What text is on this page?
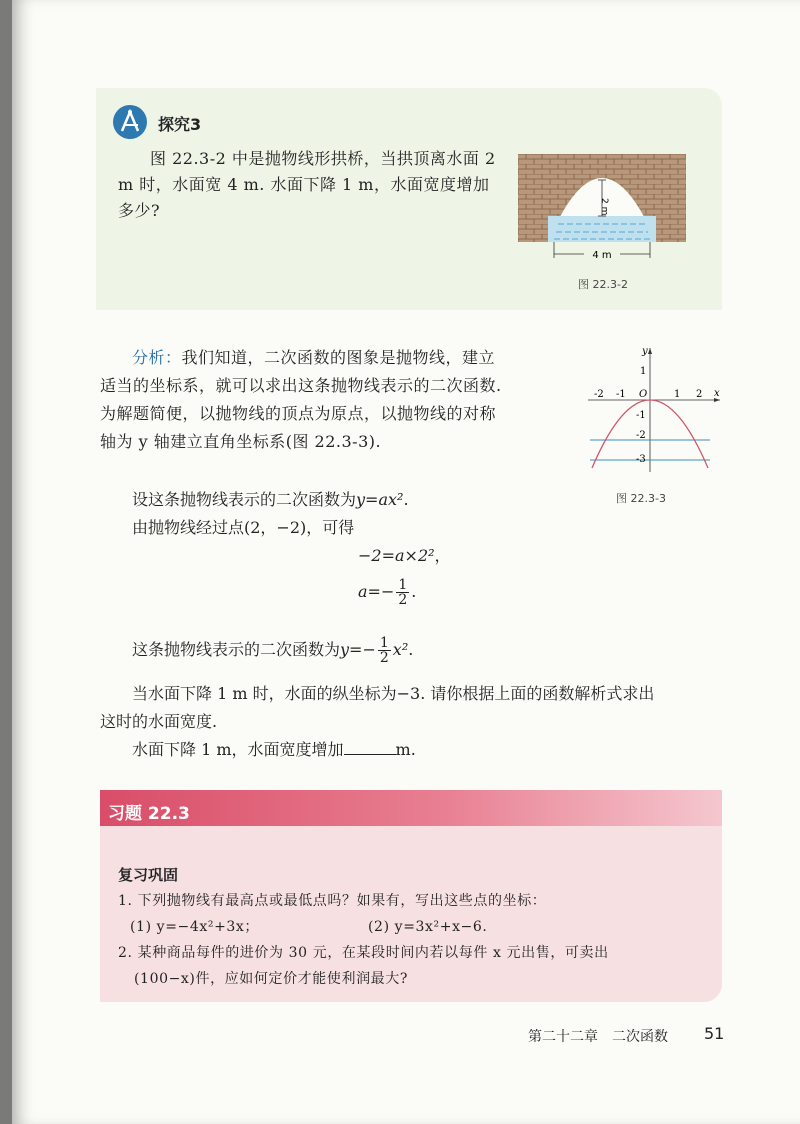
探究3
图 22.3-2 中是抛物线形拱桥，当拱顶离水面 2 m 时，水面宽 4 m. 水面下降 1 m，水面宽度增加多少?	2 m
4 m
图 22.3-2
分析：我们知道，二次函数的图象是抛物线，建立适当的坐标系，就可以求出这条抛物线表示的二次函数. 为解题简便，以抛物线的顶点为原点，以抛物线的对称轴为 y 轴建立直角坐标系(图 22.3-3).
y
x
O
-2 -1	1 2
1
-1
-2
-3
图 22.3-3
设这条抛物线表示的二次函数为y=ax².
由抛物线经过点(2，−2)，可得
−2=a×2²，
$a=- \frac{1}{2}$ .
这条抛物线表示的二次函数为$y=- \frac{1}{2} x^2$.
当水面下降 1 m 时，水面的纵坐标为−3. 请你根据上面的函数解析式求出
这时的水面宽度.
水面下降 1 m，水面宽度增加	m.
习题 22.3
复习巩固
1. 下列抛物线有最高点或最低点吗？如果有，写出这些点的坐标：
(1) y=−4x²+3x；	(2) y=3x²+x−6.
2. 某种商品每件的进价为 30 元，在某段时间内若以每件 x 元出售，可卖出
(100−x)件，应如何定价才能使利润最大?
第二十二章　二次函数 51
